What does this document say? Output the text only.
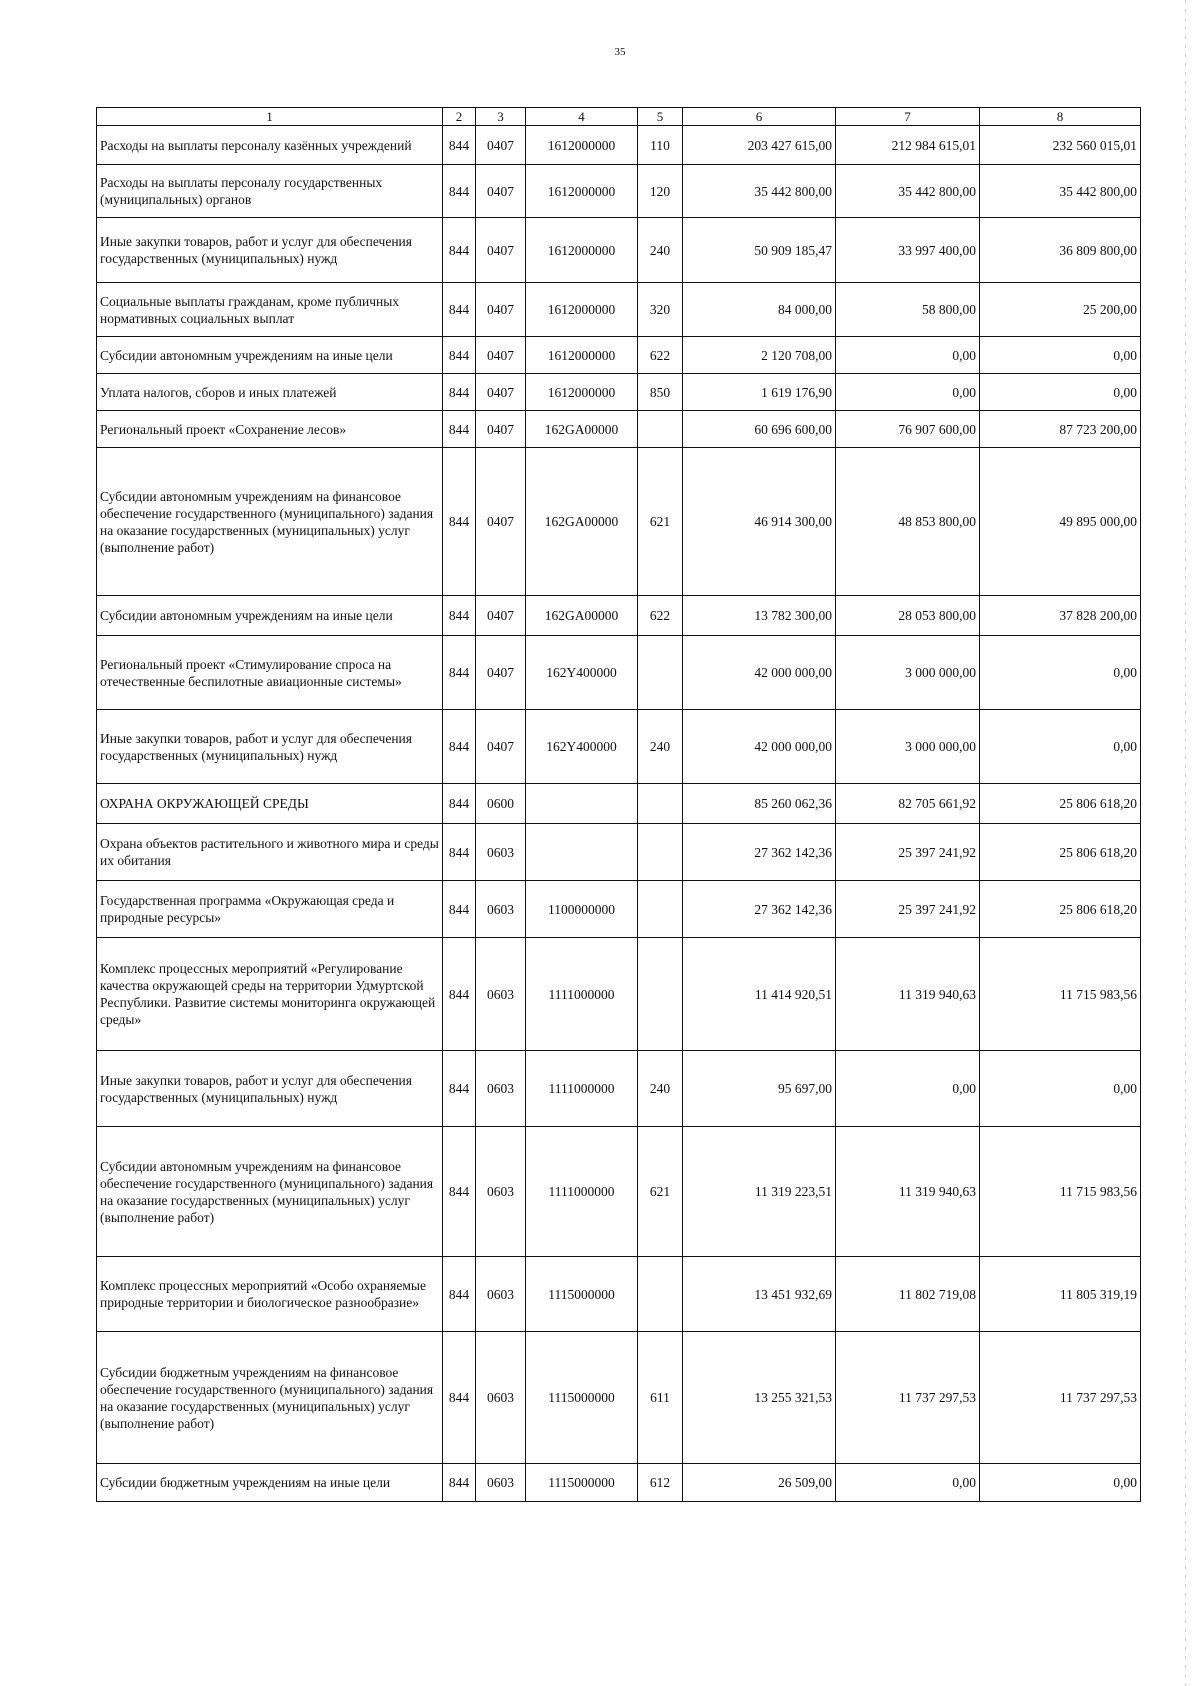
35
1	2	3	4	5	6	7	8
Расходы на выплаты персоналу казённых учреждений	844	0407	1612000000	110	203 427 615,00	212 984 615,01	232 560 015,01
Расходы на выплаты персоналу государственных (муниципальных) органов	844	0407	1612000000	120	35 442 800,00	35 442 800,00	35 442 800,00
Иные закупки товаров, работ и услуг для обеспечения государственных (муниципальных) нужд	844	0407	1612000000	240	50 909 185,47	33 997 400,00	36 809 800,00
Социальные выплаты гражданам, кроме публичных нормативных социальных выплат	844	0407	1612000000	320	84 000,00	58 800,00	25 200,00
Субсидии автономным учреждениям на иные цели	844	0407	1612000000	622	2 120 708,00	0,00	0,00
Уплата налогов, сборов и иных платежей	844	0407	1612000000	850	1 619 176,90	0,00	0,00
Региональный проект «Сохранение лесов»	844	0407	162GA00000		60 696 600,00	76 907 600,00	87 723 200,00
Субсидии автономным учреждениям на финансовое обеспечение государственного (муниципального) задания на оказание государственных (муниципальных) услуг (выполнение работ)	844	0407	162GA00000	621	46 914 300,00	48 853 800,00	49 895 000,00
Субсидии автономным учреждениям на иные цели	844	0407	162GA00000	622	13 782 300,00	28 053 800,00	37 828 200,00
Региональный проект «Стимулирование спроса на отечественные беспилотные авиационные системы»	844	0407	162Y400000		42 000 000,00	3 000 000,00	0,00
Иные закупки товаров, работ и услуг для обеспечения государственных (муниципальных) нужд	844	0407	162Y400000	240	42 000 000,00	3 000 000,00	0,00
ОХРАНА ОКРУЖАЮЩЕЙ СРЕДЫ	844	0600			85 260 062,36	82 705 661,92	25 806 618,20
Охрана объектов растительного и животного мира и среды их обитания	844	0603			27 362 142,36	25 397 241,92	25 806 618,20
Государственная программа «Окружающая среда и природные ресурсы»	844	0603	1100000000		27 362 142,36	25 397 241,92	25 806 618,20
Комплекс процессных мероприятий «Регулирование качества окружающей среды на территории Удмуртской Республики. Развитие системы мониторинга окружающей среды»	844	0603	1111000000		11 414 920,51	11 319 940,63	11 715 983,56
Иные закупки товаров, работ и услуг для обеспечения государственных (муниципальных) нужд	844	0603	1111000000	240	95 697,00	0,00	0,00
Субсидии автономным учреждениям на финансовое обеспечение государственного (муниципального) задания на оказание государственных (муниципальных) услуг (выполнение работ)	844	0603	1111000000	621	11 319 223,51	11 319 940,63	11 715 983,56
Комплекс процессных мероприятий «Особо охраняемые природные территории и биологическое разнообразие»	844	0603	1115000000		13 451 932,69	11 802 719,08	11 805 319,19
Субсидии бюджетным учреждениям на финансовое обеспечение государственного (муниципального) задания на оказание государственных (муниципальных) услуг (выполнение работ)	844	0603	1115000000	611	13 255 321,53	11 737 297,53	11 737 297,53
Субсидии бюджетным учреждениям на иные цели	844	0603	1115000000	612	26 509,00	0,00	0,00
